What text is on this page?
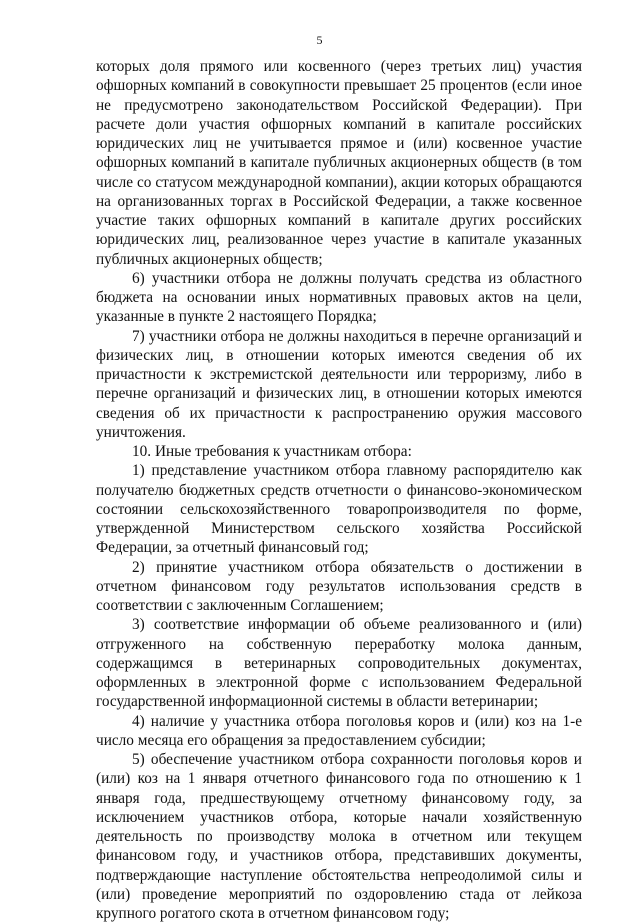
5

которых доля прямого или косвенного (через третьих лиц) участия офшорных компаний в совокупности превышает 25 процентов (если иное не предусмотрено законодательством Российской Федерации). При расчете доли участия офшорных компаний в капитале российских юридических лиц не учитывается прямое и (или) косвенное участие офшорных компаний в капитале публичных акционерных обществ (в том числе со статусом международной компании), акции которых обращаются на организованных торгах в Российской Федерации, а также косвенное участие таких офшорных компаний в капитале других российских юридических лиц, реализованное через участие в капитале указанных публичных акционерных обществ;

6) участники отбора не должны получать средства из областного бюджета на основании иных нормативных правовых актов на цели, указанные в пункте 2 настоящего Порядка;

7) участники отбора не должны находиться в перечне организаций и физических лиц, в отношении которых имеются сведения об их причастности к экстремистской деятельности или терроризму, либо в перечне организаций и физических лиц, в отношении которых имеются сведения об их причастности к распространению оружия массового уничтожения.

10. Иные требования к участникам отбора:

1) представление участником отбора главному распорядителю как получателю бюджетных средств отчетности о финансово-экономическом состоянии сельскохозяйственного товаропроизводителя по форме, утвержденной Министерством сельского хозяйства Российской Федерации, за отчетный финансовый год;

2) принятие участником отбора обязательств о достижении в отчетном финансовом году результатов использования средств в соответствии с заключенным Соглашением;

3) соответствие информации об объеме реализованного и (или) отгруженного на собственную переработку молока данным, содержащимся в ветеринарных сопроводительных документах, оформленных в электронной форме с использованием Федеральной государственной информационной системы в области ветеринарии;

4) наличие у участника отбора поголовья коров и (или) коз на 1-е число месяца его обращения за предоставлением субсидии;

5) обеспечение участником отбора сохранности поголовья коров и (или) коз на 1 января отчетного финансового года по отношению к 1 января года, предшествующему отчетному финансовому году, за исключением участников отбора, которые начали хозяйственную деятельность по производству молока в отчетном или текущем финансовом году, и участников отбора, представивших документы, подтверждающие наступление обстоятельства непреодолимой силы и (или) проведение мероприятий по оздоровлению стада от лейкоза крупного рогатого скота в отчетном финансовом году;
